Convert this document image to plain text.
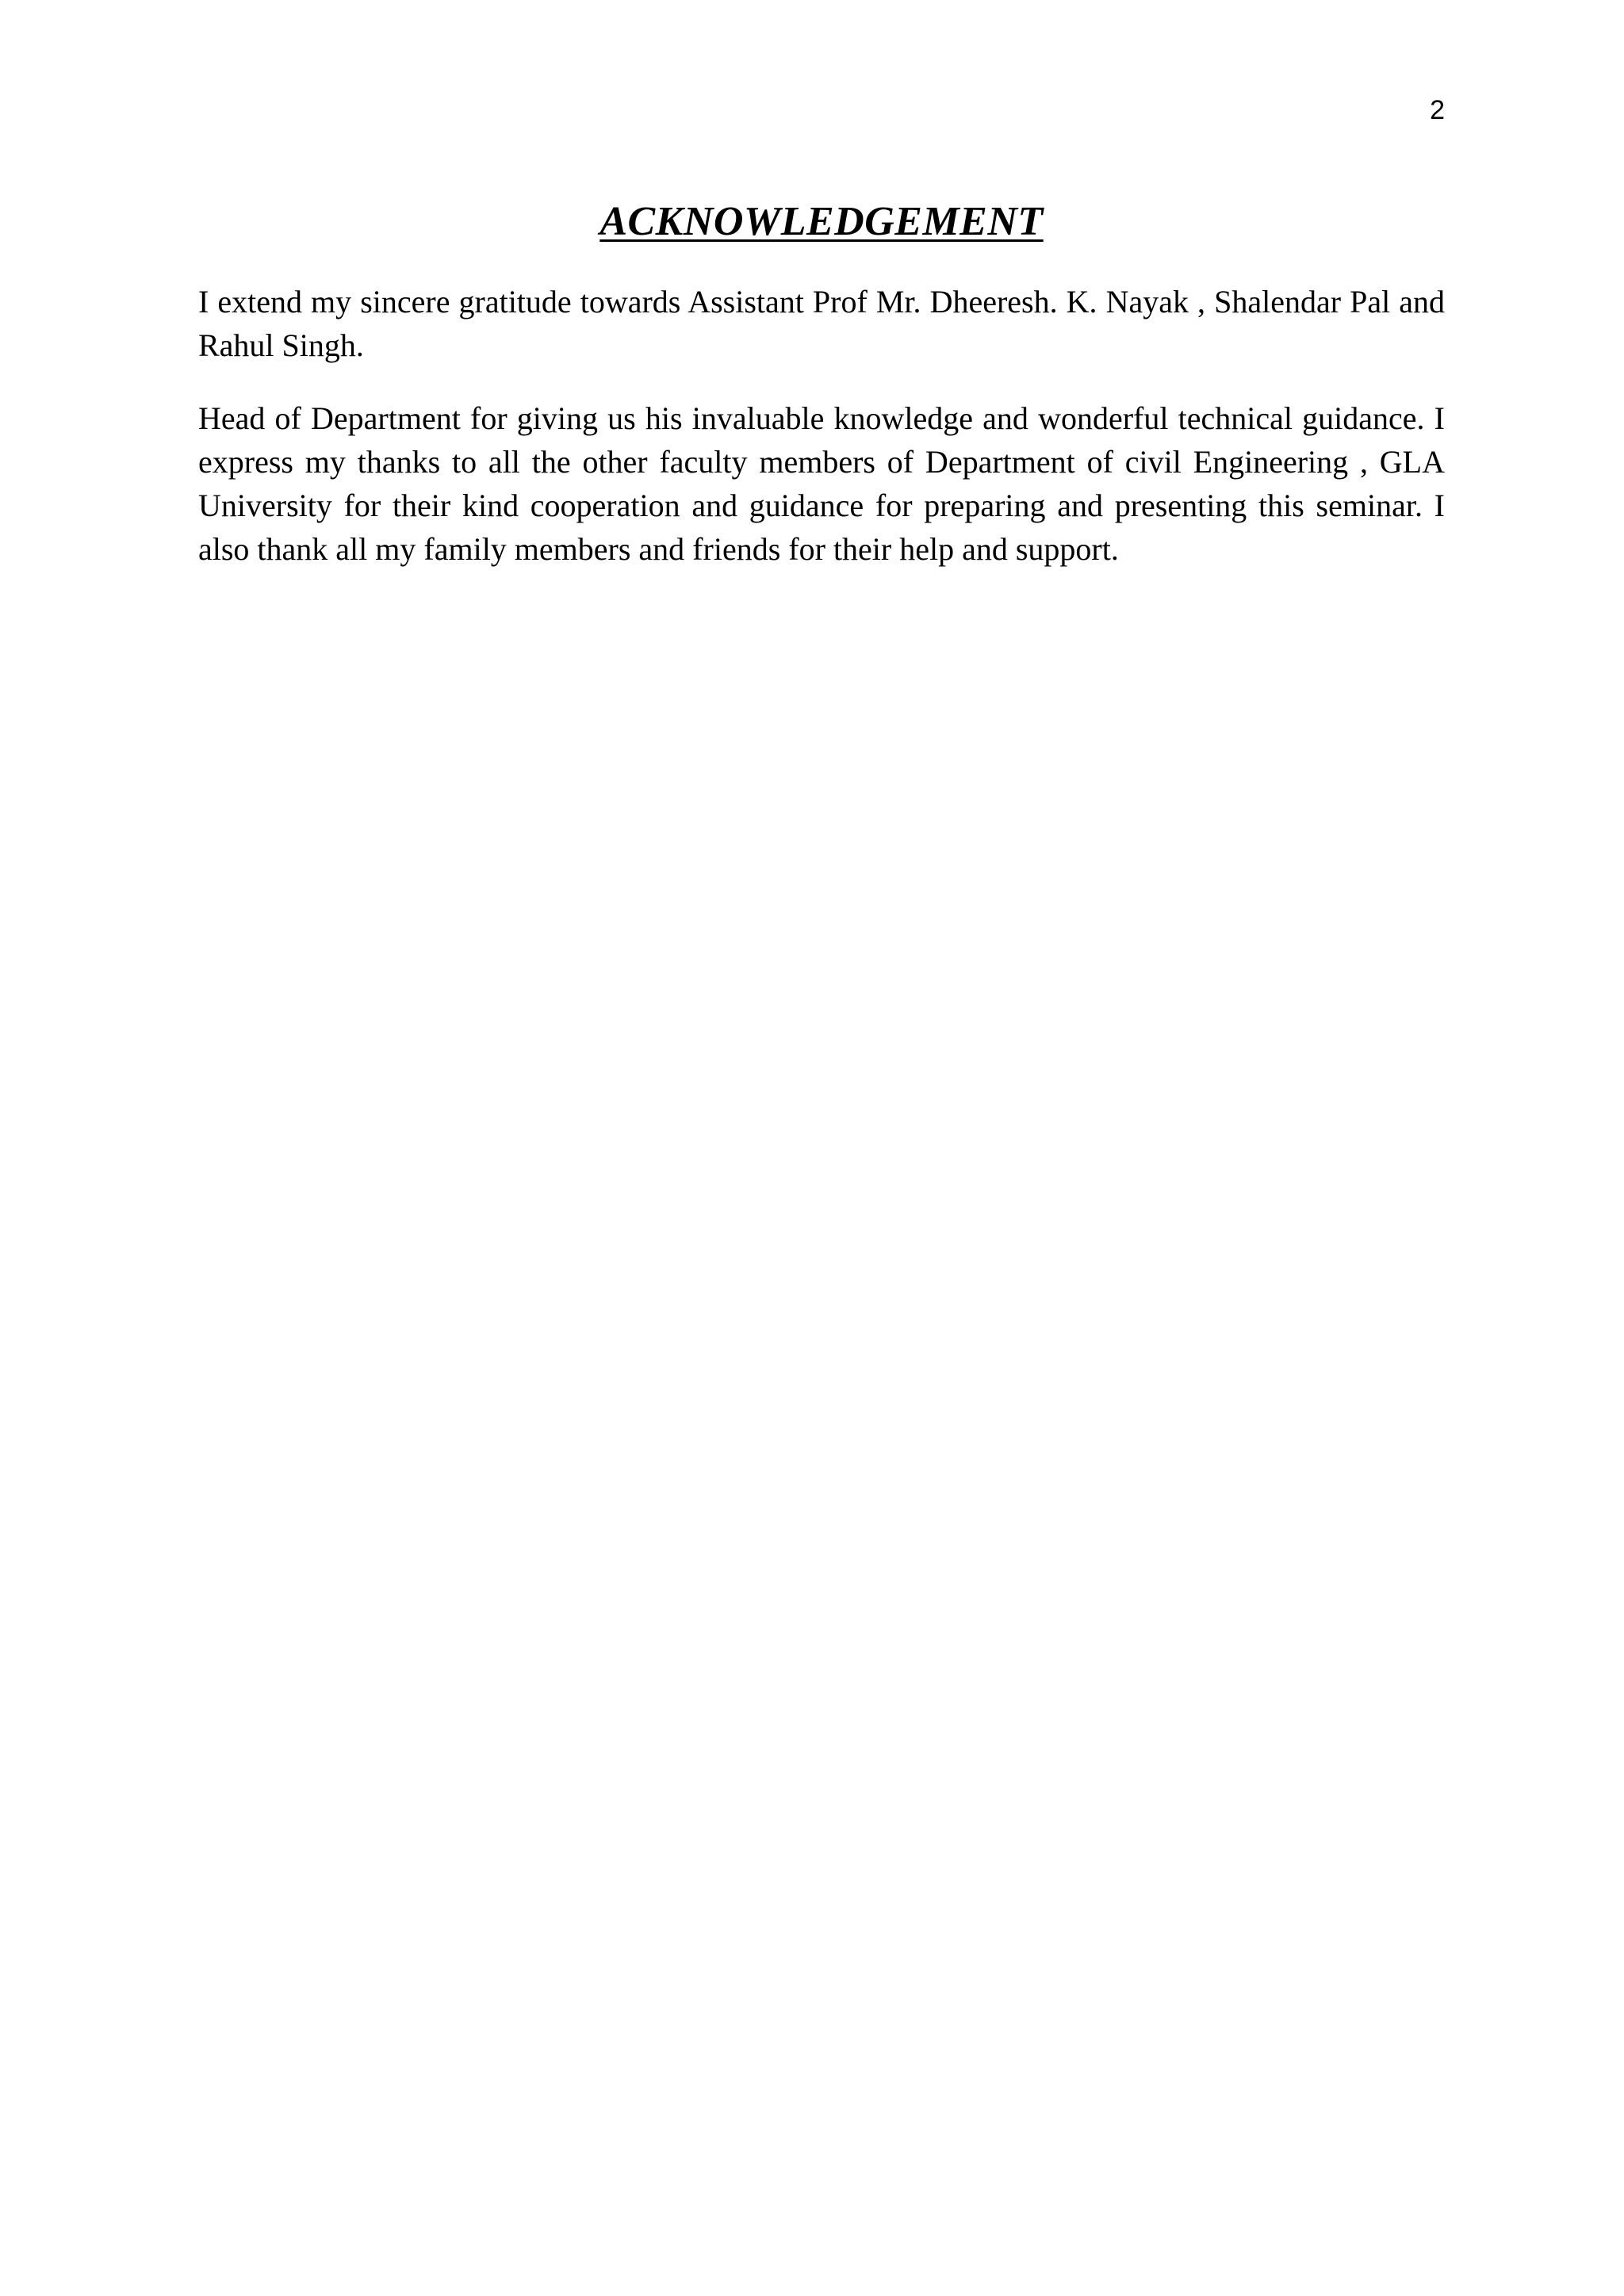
2
ACKNOWLEDGEMENT

I extend my sincere gratitude towards Assistant Prof Mr. Dheeresh. K. Nayak , Shalendar Pal and Rahul Singh.

Head of Department for giving us his invaluable knowledge and wonderful technical guidance. I express my thanks to all the other faculty members of Department of civil Engineering , GLA University for their kind cooperation and guidance for preparing and presenting this seminar. I also thank all my family members and friends for their help and support.
